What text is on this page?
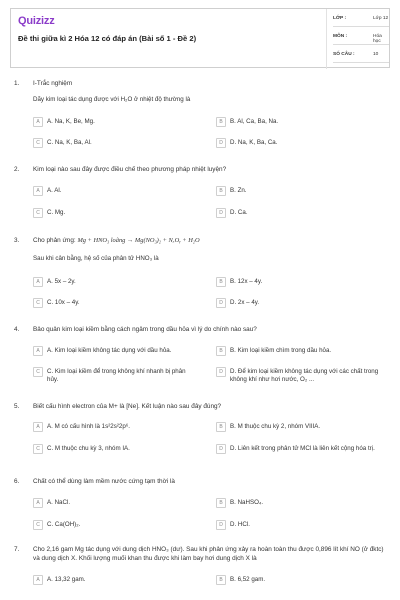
Quizizz
Đề thi giữa kì 2 Hóa 12 có đáp án (Bài số 1 - Đề 2)
LỚP :	Lớp 12
MÔN :	Hóa học
SỐ CÂU :	10
1. I-Trắc nghiệm
Dãy kim loại tác dụng được với H₂O ở nhiệt độ thường là
A	A. Na, K, Be, Mg.	B	B. Al, Ca, Ba, Na.
C	C. Na, K, Ba, Al.	D	D. Na, K, Ba, Ca.
2. Kim loại nào sau đây được điều chế theo phương pháp nhiệt luyện?
A	A. Al.	B	B. Zn.
C	C. Mg.	D	D. Ca.
3. Cho phản ứng: Mg + HNO₃ loãng → Mg(NO₃)₂ + NₓOᵧ + H₂O
Sau khi cân bằng, hệ số của phân tử HNO₃ là
A	A. 5x – 2y.	B	B. 12x – 4y.
C	C. 10x – 4y.	D	D. 2x – 4y.
4. Bảo quản kim loại kiềm bằng cách ngâm trong dầu hỏa vì lý do chính nào sau?
A	A. Kim loại kiềm không tác dụng với dầu hỏa.	B	B. Kim loại kiềm chìm trong dầu hỏa.
C	C. Kim loại kiềm để trong không khí nhanh bị phân hủy.
D	D. Để kim loại kiềm không tác dụng với các chất trong không khí như hơi nước, O₂ ...
5. Biết cấu hình electron của M+ là [Ne]. Kết luận nào sau đây đúng?
A	A. M có cấu hình là 1s²2s²2p⁶.	B	B. M thuộc chu kỳ 2, nhóm VIIIA.
C	C. M thuộc chu kỳ 3, nhóm IA.	D	D. Liên kết trong phân tử MCl là liên kết cộng hóa trị.
6. Chất có thể dùng làm mềm nước cứng tạm thời là
A	A. NaCl.	B	B. NaHSO₄.
C	C. Ca(OH)₂.	D	D. HCl.
7. Cho 2,16 gam Mg tác dụng với dung dịch HNO₃ (dư). Sau khi phản ứng xảy ra hoàn toàn thu được 0,896 lít khí NO (ở đktc) và dung dịch X. Khối lượng muối khan thu được khi làm bay hơi dung dịch X là
A	A. 13,32 gam.	B	B. 6,52 gam.
